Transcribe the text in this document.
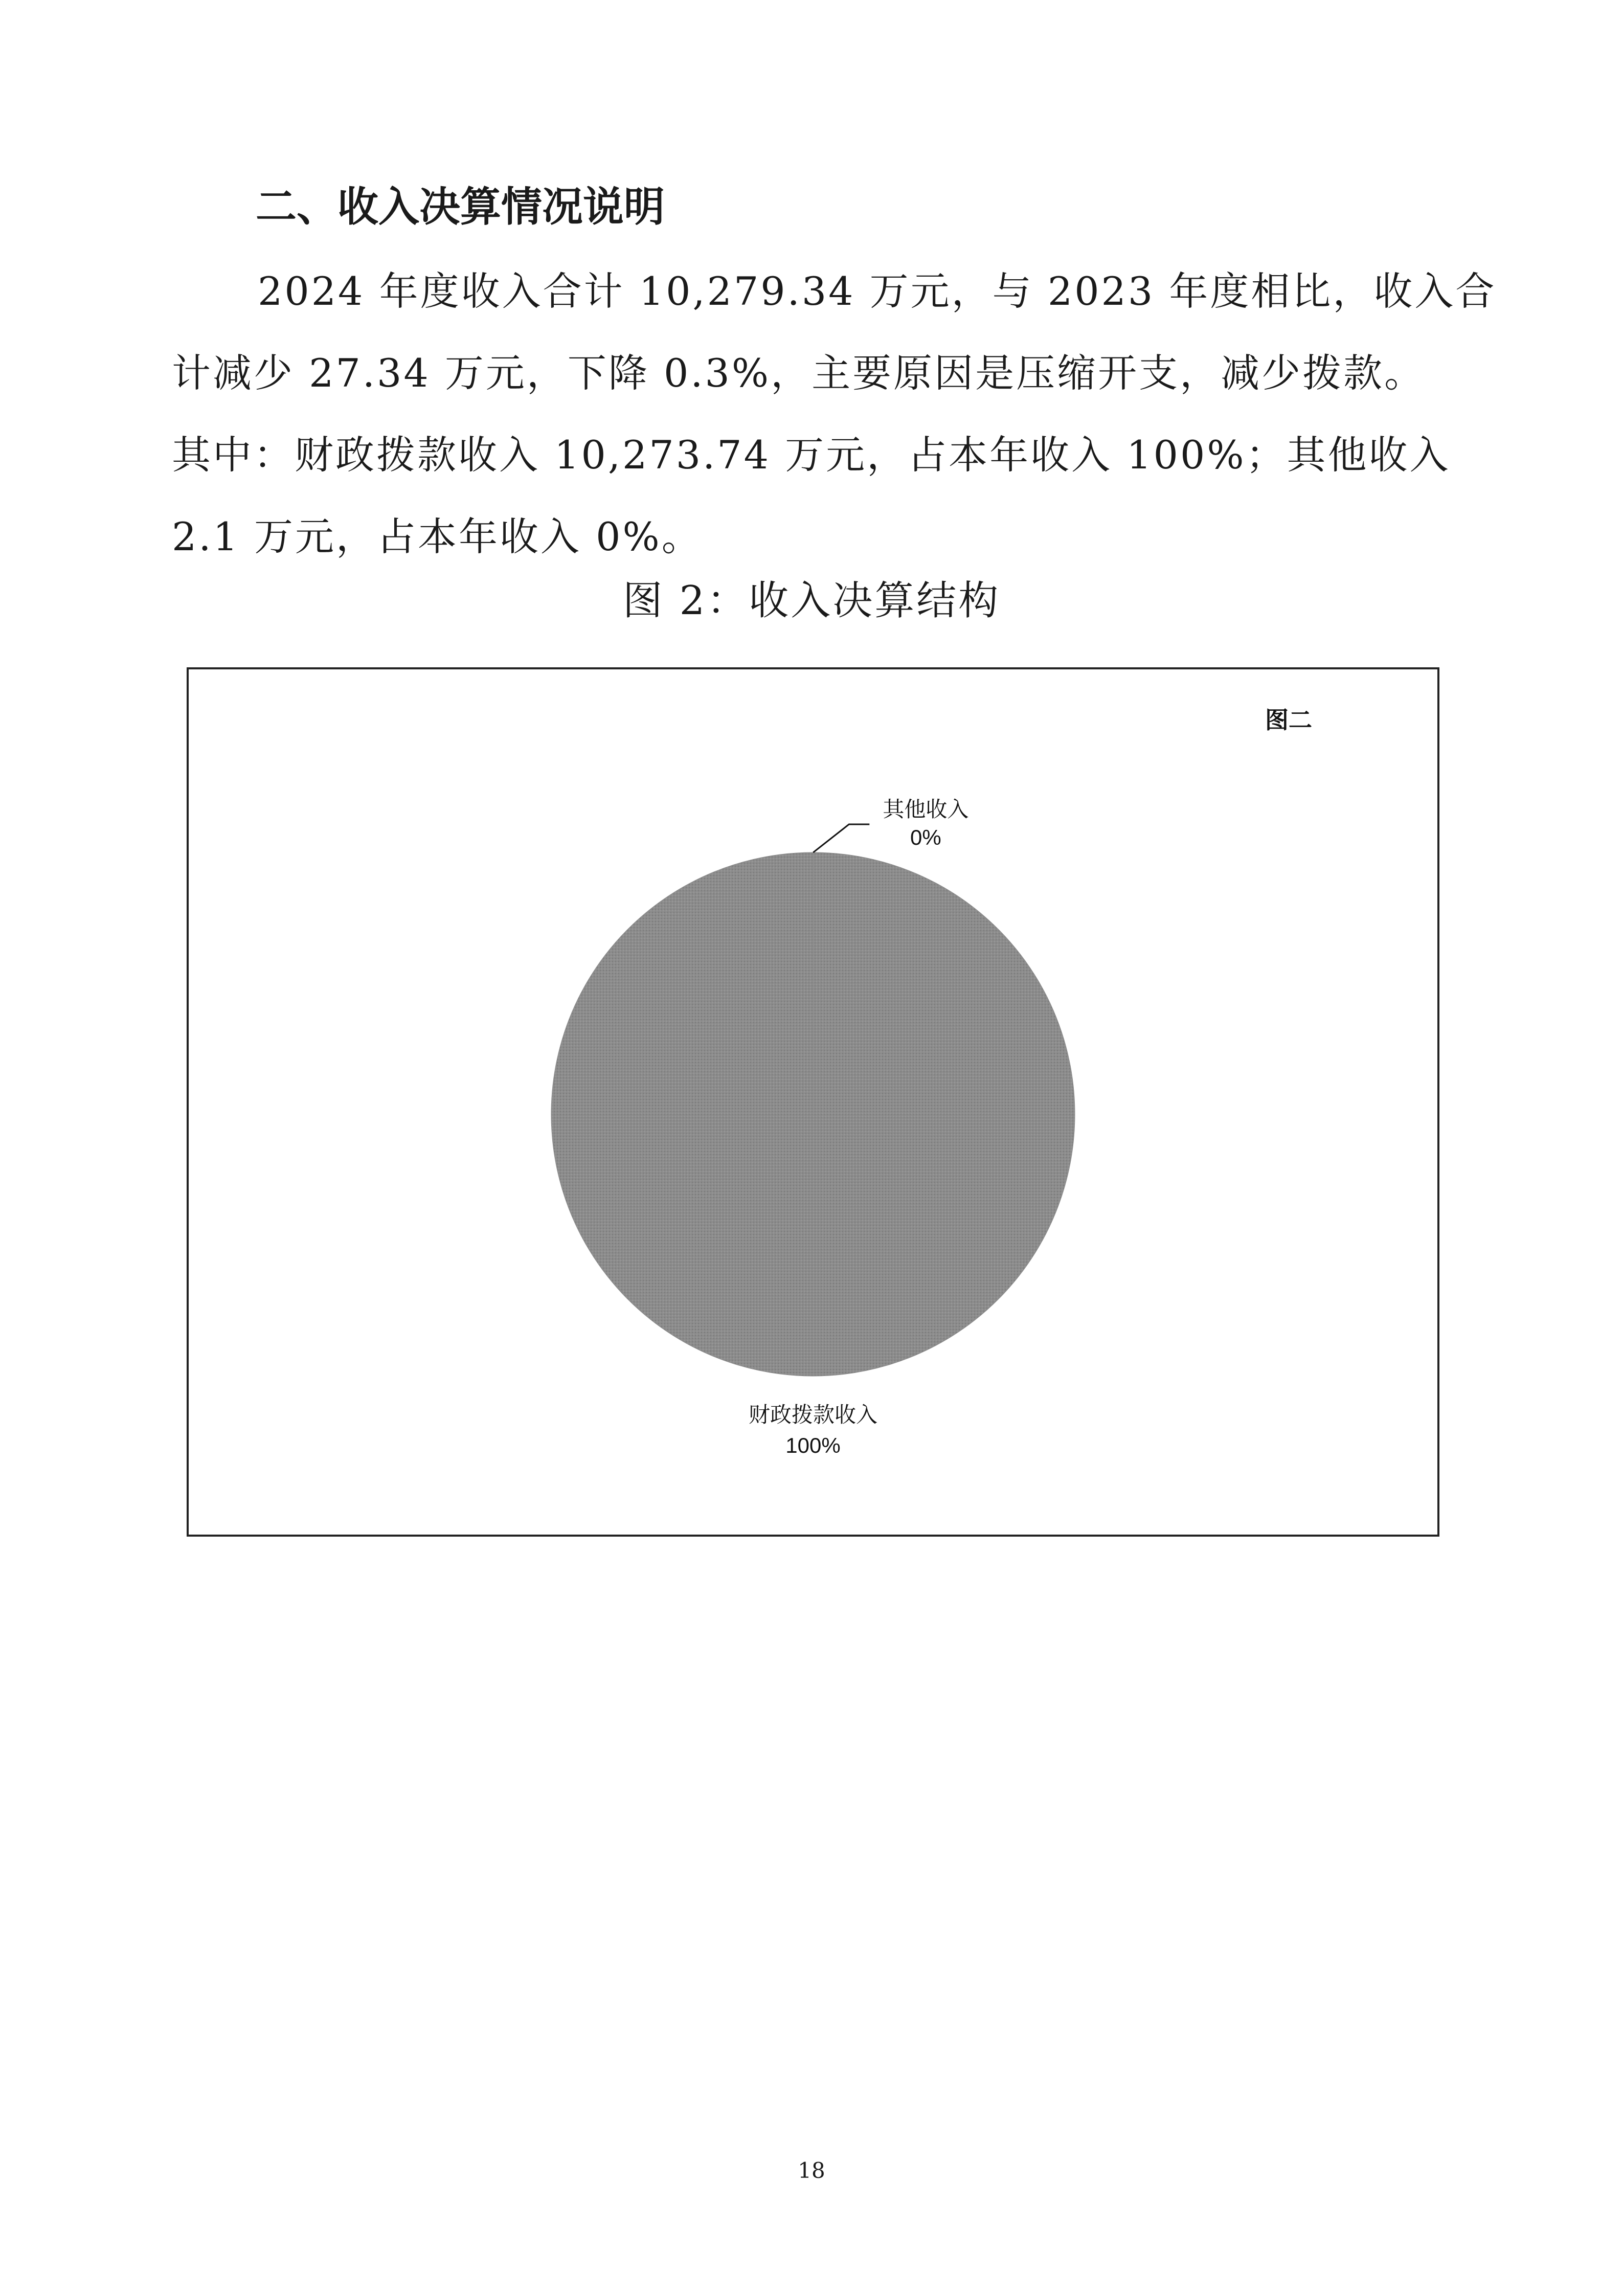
二、收入决算情况说明
2024 年度收入合计 10,279.34 万元，与 2023 年度相比，收入合
计减少 27.34 万元，下降 0.3%，主要原因是压缩开支，减少拨款。
其中：财政拨款收入 10,273.74 万元，占本年收入 100%；其他收入
2.1 万元，占本年收入 0%。
图 2：收入决算结构
图二
其他收入
0%
财政拨款收入
100%
18
